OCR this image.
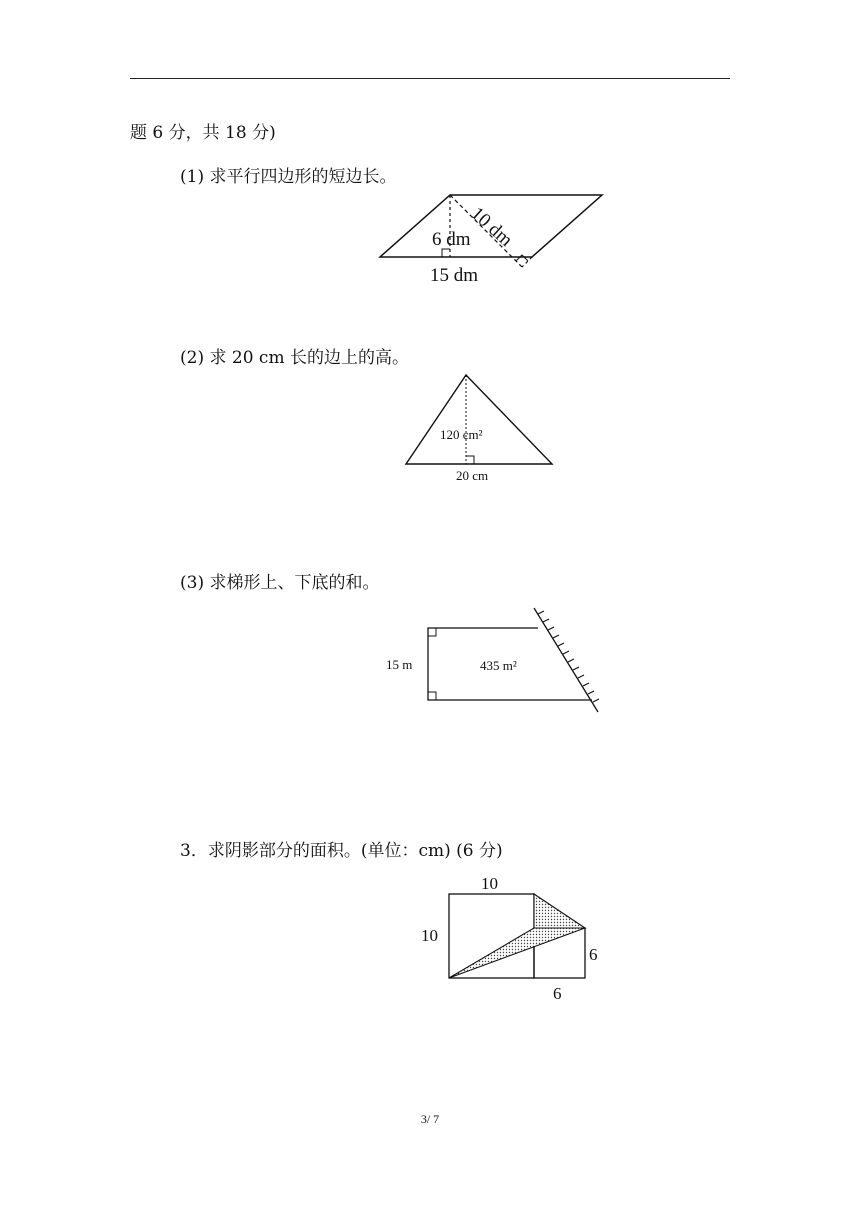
题 6 分，共 18 分)
(1) 求平行四边形的短边长。
6 dm
10 dm
15 dm
(2) 求 20 cm 长的边上的高。
120 cm²
20 cm
(3) 求梯形上、下底的和。
15 m	435 m²
3．求阴影部分的面积。(单位：cm) (6 分)
10
10
6
6
3/ 7
